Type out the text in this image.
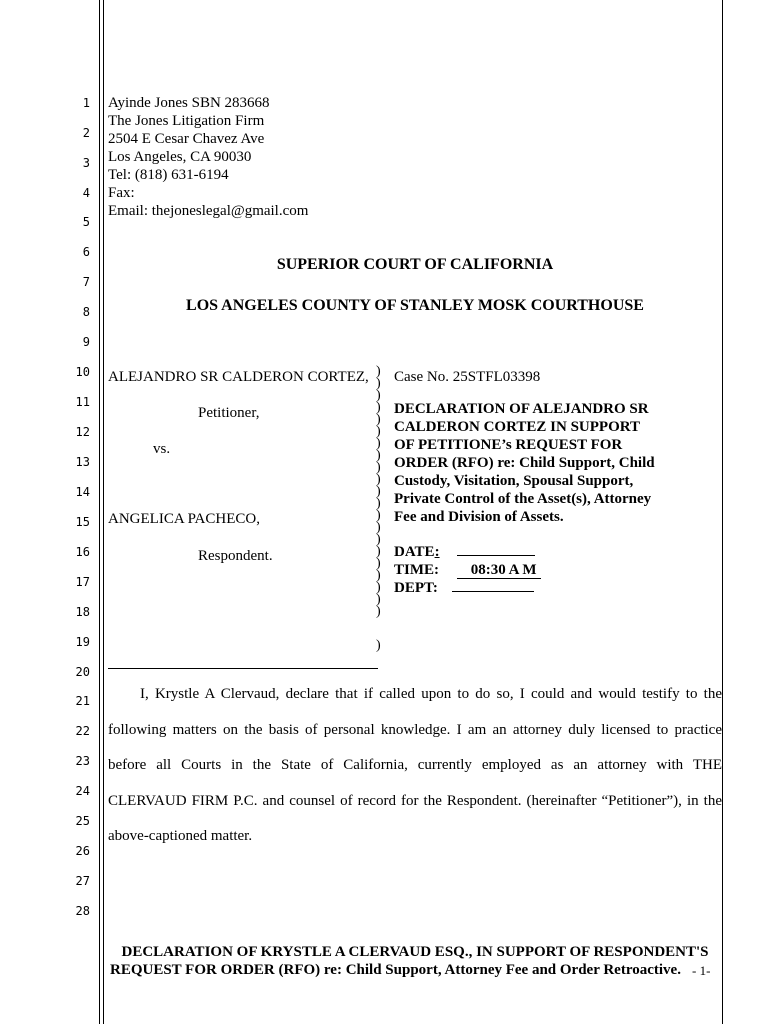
1
2
3
4
5
6
7
8
9
10
11
12
13
14
15
16
17
18
19
20
21
22
23
24
25
26
27
28
Ayinde Jones SBN 283668
The Jones Litigation Firm
2504 E Cesar Chavez Ave
Los Angeles, CA 90030
Tel: (818) 631-6194
Fax:
Email: thejoneslegal@gmail.com
SUPERIOR COURT OF CALIFORNIA
LOS ANGELES COUNTY OF STANLEY MOSK COURTHOUSE
ALEJANDRO SR CALDERON CORTEZ,
Petitioner,
vs.
ANGELICA PACHECO,
Respondent.
)
)
)
)
)
)
)
)
)
)
)
)
)
)
)
)
)
)
)
)
)
)
Case No. 25STFL03398
DECLARATION OF ALEJANDRO SR
CALDERON CORTEZ IN SUPPORT
OF PETITIONE’s REQUEST FOR
ORDER (RFO) re: Child Support, Child
Custody, Visitation, Spousal Support,
Private Control of the Asset(s), Attorney
Fee and Division of Assets.
DATE:
TIME: 08:30 A M
DEPT:
I, Krystle A Clervaud, declare that if called upon to do so, I could and would testify to the
following matters on the basis of personal knowledge. I am an attorney duly licensed to practice
before all Courts in the State of California, currently employed as an attorney with THE
CLERVAUD FIRM P.C. and counsel of record for the Respondent. (hereinafter “Petitioner”), in the
above-captioned matter.
DECLARATION OF KRYSTLE A CLERVAUD ESQ., IN SUPPORT OF RESPONDENT'S
REQUEST FOR ORDER (RFO) re: Child Support, Attorney Fee and Order Retroactive. - 1-
